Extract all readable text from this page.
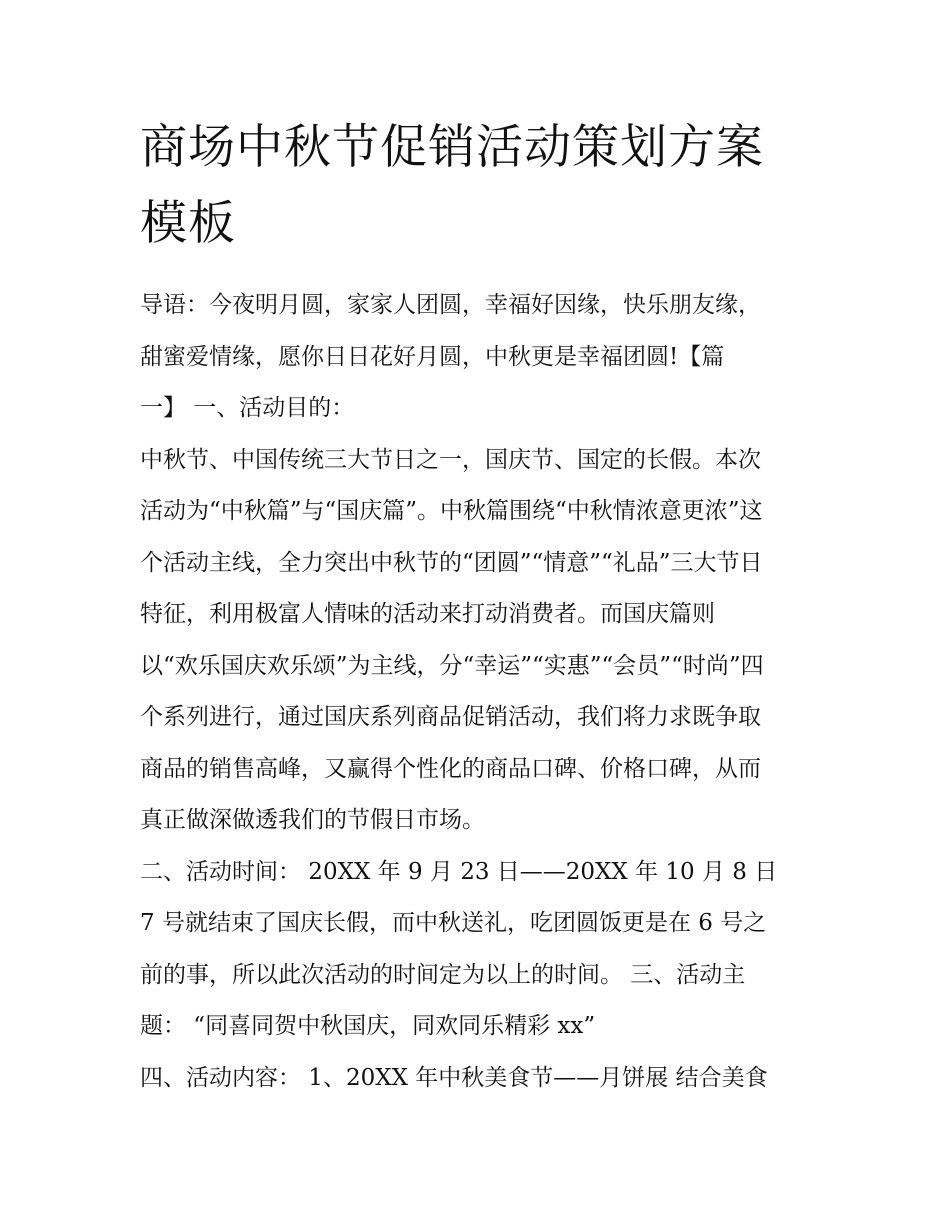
商场中秋节促销活动策划方案
模板
导语：今夜明月圆，家家人团圆，幸福好因缘，快乐朋友缘，
甜蜜爱情缘，愿你日日花好月圆，中秋更是幸福团圆!【篇
一】 一、活动目的：
中秋节、中国传统三大节日之一，国庆节、国定的长假。本次
活动为“中秋篇”与“国庆篇”。中秋篇围绕“中秋情浓意更浓”这
个活动主线，全力突出中秋节的“团圆”“情意”“礼品”三大节日
特征，利用极富人情味的活动来打动消费者。而国庆篇则
以“欢乐国庆欢乐颂”为主线，分“幸运”“实惠”“会员”“时尚”四
个系列进行，通过国庆系列商品促销活动，我们将力求既争取
商品的销售高峰，又赢得个性化的商品口碑、价格口碑，从而
真正做深做透我们的节假日市场。
二、活动时间： 20XX 年 9 月 23 日——20XX 年 10 月 8 日
7 号就结束了国庆长假，而中秋送礼，吃团圆饭更是在 6 号之
前的事，所以此次活动的时间定为以上的时间。 三、活动主
题： “同喜同贺中秋国庆，同欢同乐精彩 xx”
四、活动内容： 1、20XX 年中秋美食节——月饼展 结合美食
